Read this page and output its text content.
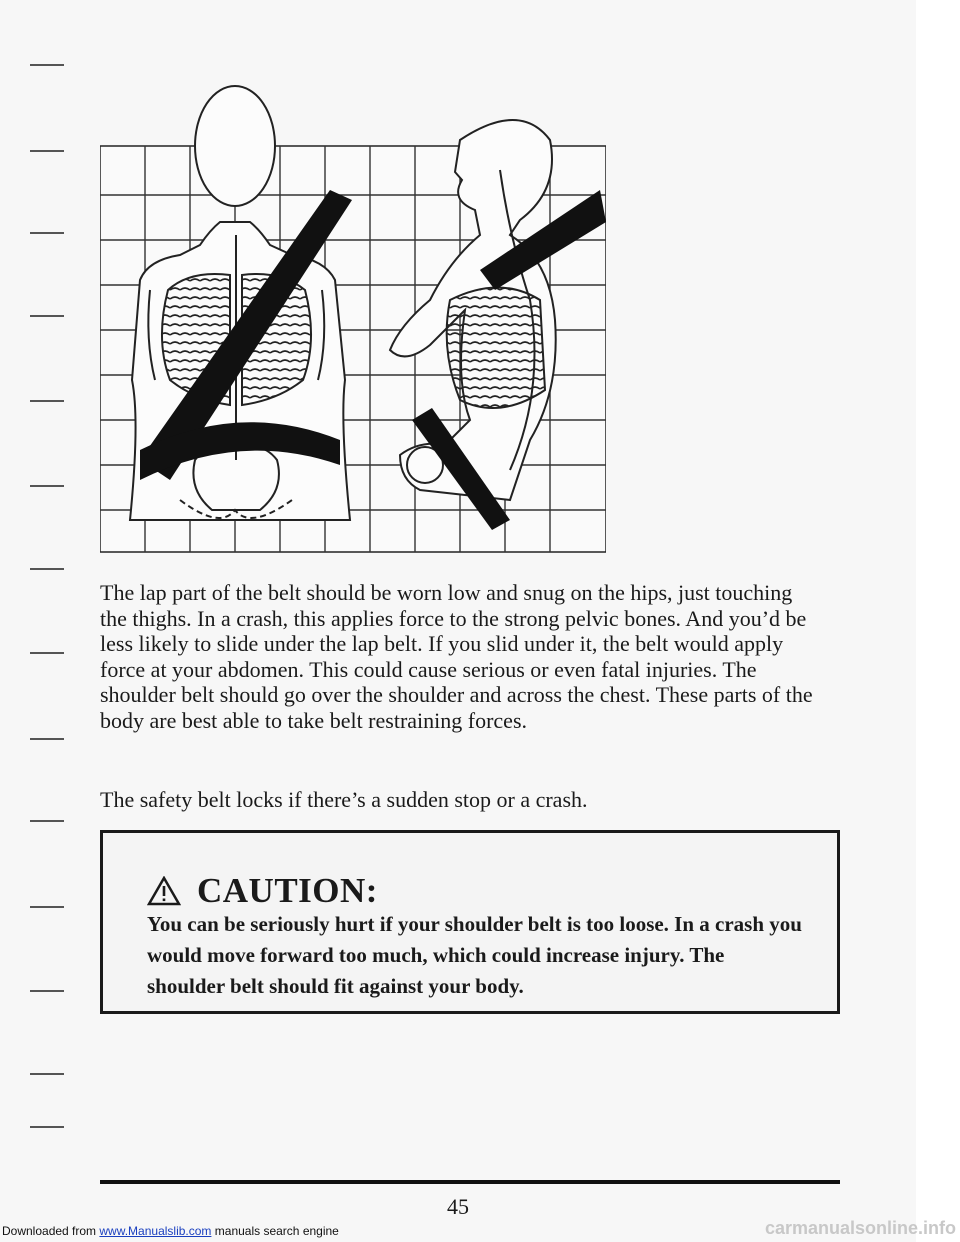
The lap part of the belt should be worn low and snug on the hips, just touching the thighs. In a crash, this applies force to the strong pelvic bones. And you’d be less likely to slide under the lap belt. If you slid under it, the belt would apply force at your abdomen. This could cause serious or even fatal injuries. The shoulder belt should go over the shoulder and across the chest. These parts of the body are best able to take belt restraining forces.

The safety belt locks if there’s a sudden stop or a crash.

CAUTION:

You can be seriously hurt if your shoulder belt is too loose. In a crash you would move forward too much, which could increase injury. The shoulder belt should fit against your body.

45
Downloaded from www.Manualslib.com manuals search engine	carmanualsonline.info
